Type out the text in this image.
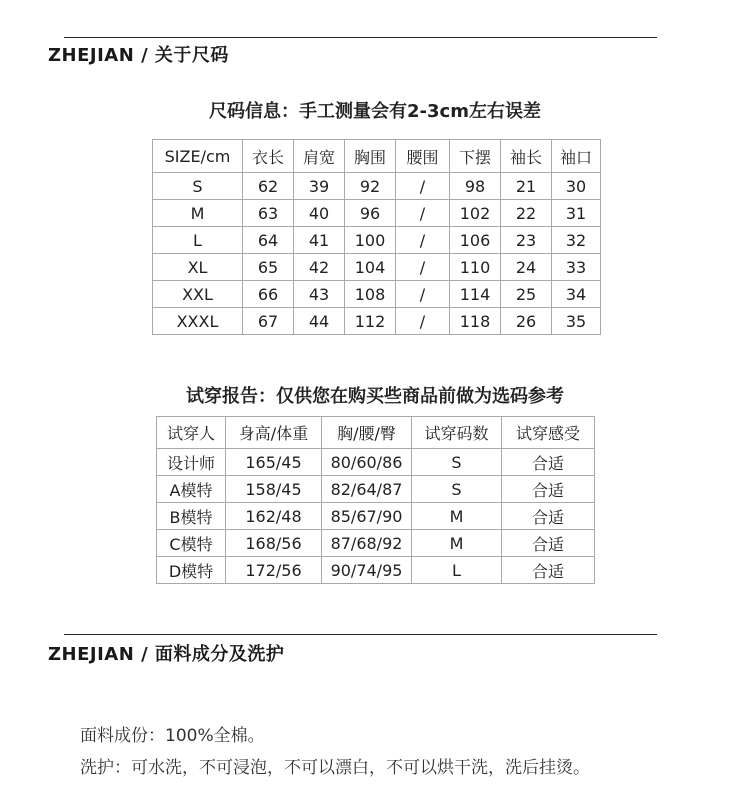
ZHEJIAN / 关于尺码
尺码信息：手工测量会有2-3cm左右误差
SIZE/cm	衣长	肩宽	胸围	腰围	下摆	袖长	袖口
S	62	39	92	/	98	21	30
M	63	40	96	/	102	22	31
L	64	41	100	/	106	23	32
XL	65	42	104	/	110	24	33
XXL	66	43	108	/	114	25	34
XXXL	67	44	112	/	118	26	35
试穿报告：仅供您在购买些商品前做为选码参考
试穿人	身高/体重	胸/腰/臀	试穿码数	试穿感受
设计师	165/45	80/60/86	S	合适
A模特	158/45	82/64/87	S	合适
B模特	162/48	85/67/90	M	合适
C模特	168/56	87/68/92	M	合适
D模特	172/56	90/74/95	L	合适
ZHEJIAN / 面料成分及洗护
面料成份：100%全棉。
洗护：可水洗，不可浸泡，不可以漂白，不可以烘干洗，洗后挂烫。
